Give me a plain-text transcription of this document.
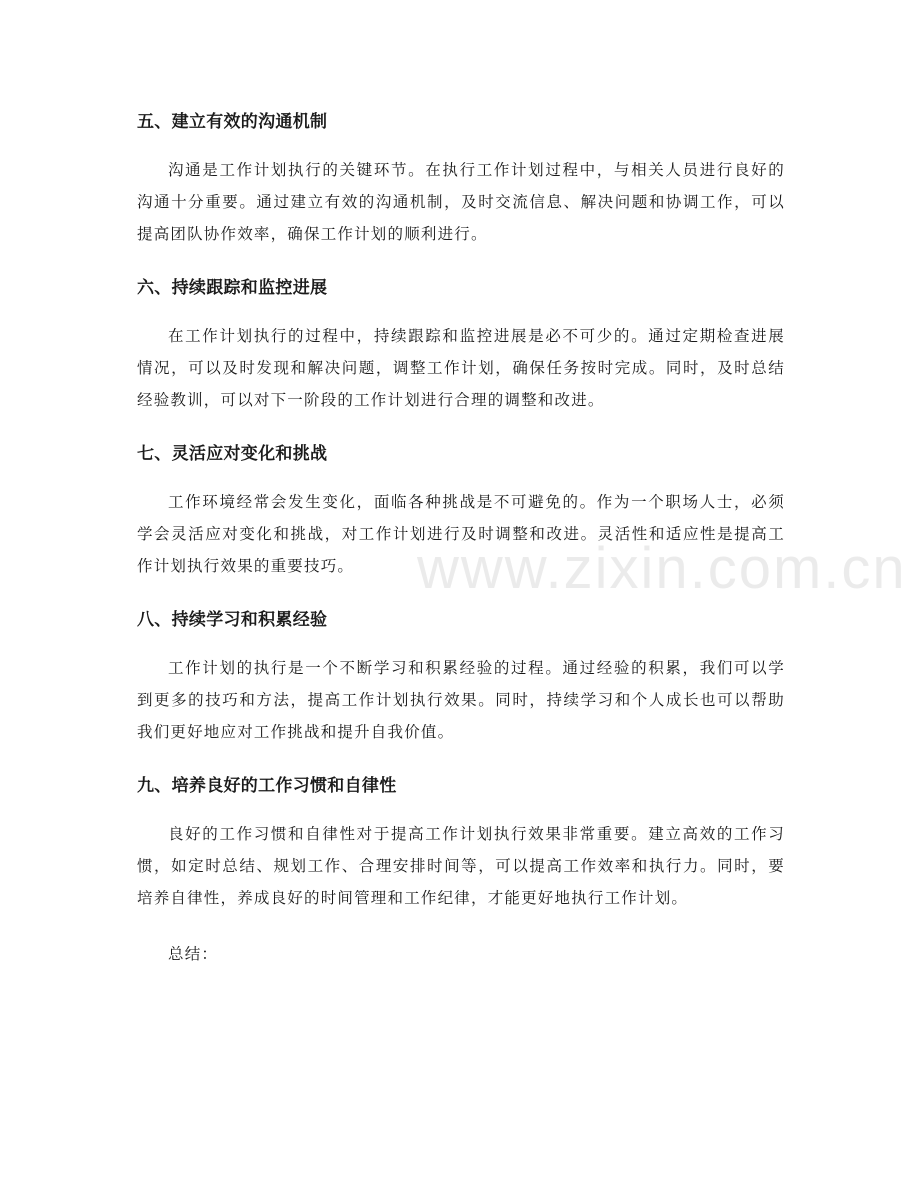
www.zixin.com.cn
五、建立有效的沟通机制

沟通是工作计划执行的关键环节。在执行工作计划过程中，与相关人员进行良好的沟通十分重要。通过建立有效的沟通机制，及时交流信息、解决问题和协调工作，可以提高团队协作效率，确保工作计划的顺利进行。

六、持续跟踪和监控进展

在工作计划执行的过程中，持续跟踪和监控进展是必不可少的。通过定期检查进展情况，可以及时发现和解决问题，调整工作计划，确保任务按时完成。同时，及时总结经验教训，可以对下一阶段的工作计划进行合理的调整和改进。

七、灵活应对变化和挑战

工作环境经常会发生变化，面临各种挑战是不可避免的。作为一个职场人士，必须学会灵活应对变化和挑战，对工作计划进行及时调整和改进。灵活性和适应性是提高工作计划执行效果的重要技巧。

八、持续学习和积累经验

工作计划的执行是一个不断学习和积累经验的过程。通过经验的积累，我们可以学到更多的技巧和方法，提高工作计划执行效果。同时，持续学习和个人成长也可以帮助我们更好地应对工作挑战和提升自我价值。

九、培养良好的工作习惯和自律性

良好的工作习惯和自律性对于提高工作计划执行效果非常重要。建立高效的工作习惯，如定时总结、规划工作、合理安排时间等，可以提高工作效率和执行力。同时，要培养自律性，养成良好的时间管理和工作纪律，才能更好地执行工作计划。

总结：
